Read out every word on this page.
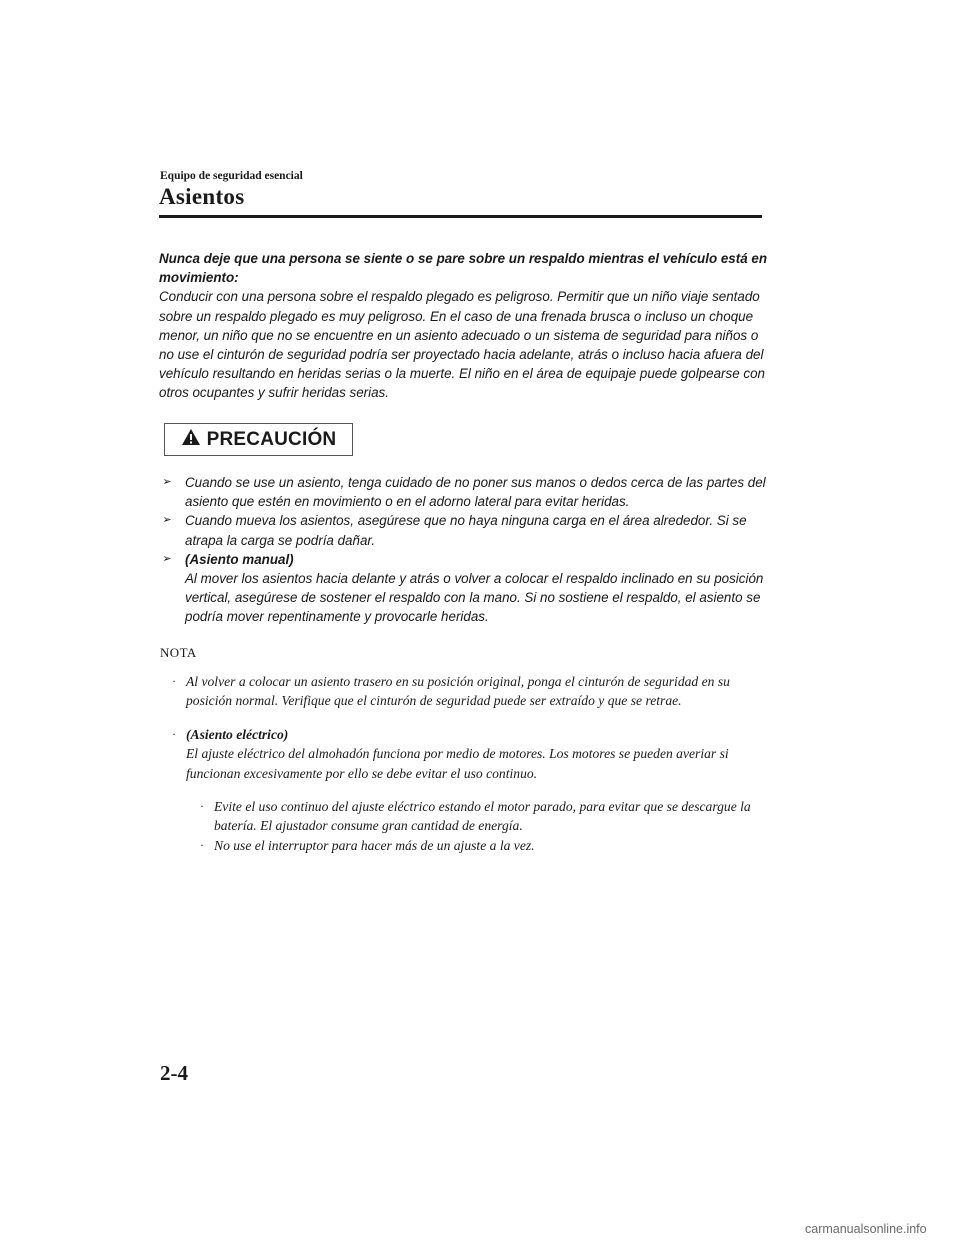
Equipo de seguridad esencial
Asientos

Nunca deje que una persona se siente o se pare sobre un respaldo mientras el vehículo está en movimiento:

Conducir con una persona sobre el respaldo plegado es peligroso. Permitir que un niño viaje sentado sobre un respaldo plegado es muy peligroso. En el caso de una frenada brusca o incluso un choque menor, un niño que no se encuentre en un asiento adecuado o un sistema de seguridad para niños o no use el cinturón de seguridad podría ser proyectado hacia adelante, atrás o incluso hacia afuera del vehículo resultando en heridas serias o la muerte. El niño en el área de equipaje puede golpearse con otros ocupantes y sufrir heridas serias.

PRECAUCIÓN

➢ Cuando se use un asiento, tenga cuidado de no poner sus manos o dedos cerca de las partes del asiento que estén en movimiento o en el adorno lateral para evitar heridas.

➢ Cuando mueva los asientos, asegúrese que no haya ninguna carga en el área alrededor. Si se atrapa la carga se podría dañar.

➢ (Asiento manual)
Al mover los asientos hacia delante y atrás o volver a colocar el respaldo inclinado en su posición vertical, asegúrese de sostener el respaldo con la mano. Si no sostiene el respaldo, el asiento se podría mover repentinamente y provocarle heridas.

NOTA

· Al volver a colocar un asiento trasero en su posición original, ponga el cinturón de seguridad en su posición normal. Verifique que el cinturón de seguridad puede ser extraído y que se retrae.

· (Asiento eléctrico)
El ajuste eléctrico del almohadón funciona por medio de motores. Los motores se pueden averiar si funcionan excesivamente por ello se debe evitar el uso continuo.

· Evite el uso continuo del ajuste eléctrico estando el motor parado, para evitar que se descargue la batería. El ajustador consume gran cantidad de energía.

· No use el interruptor para hacer más de un ajuste a la vez.

2-4
carmanualsonline.info
